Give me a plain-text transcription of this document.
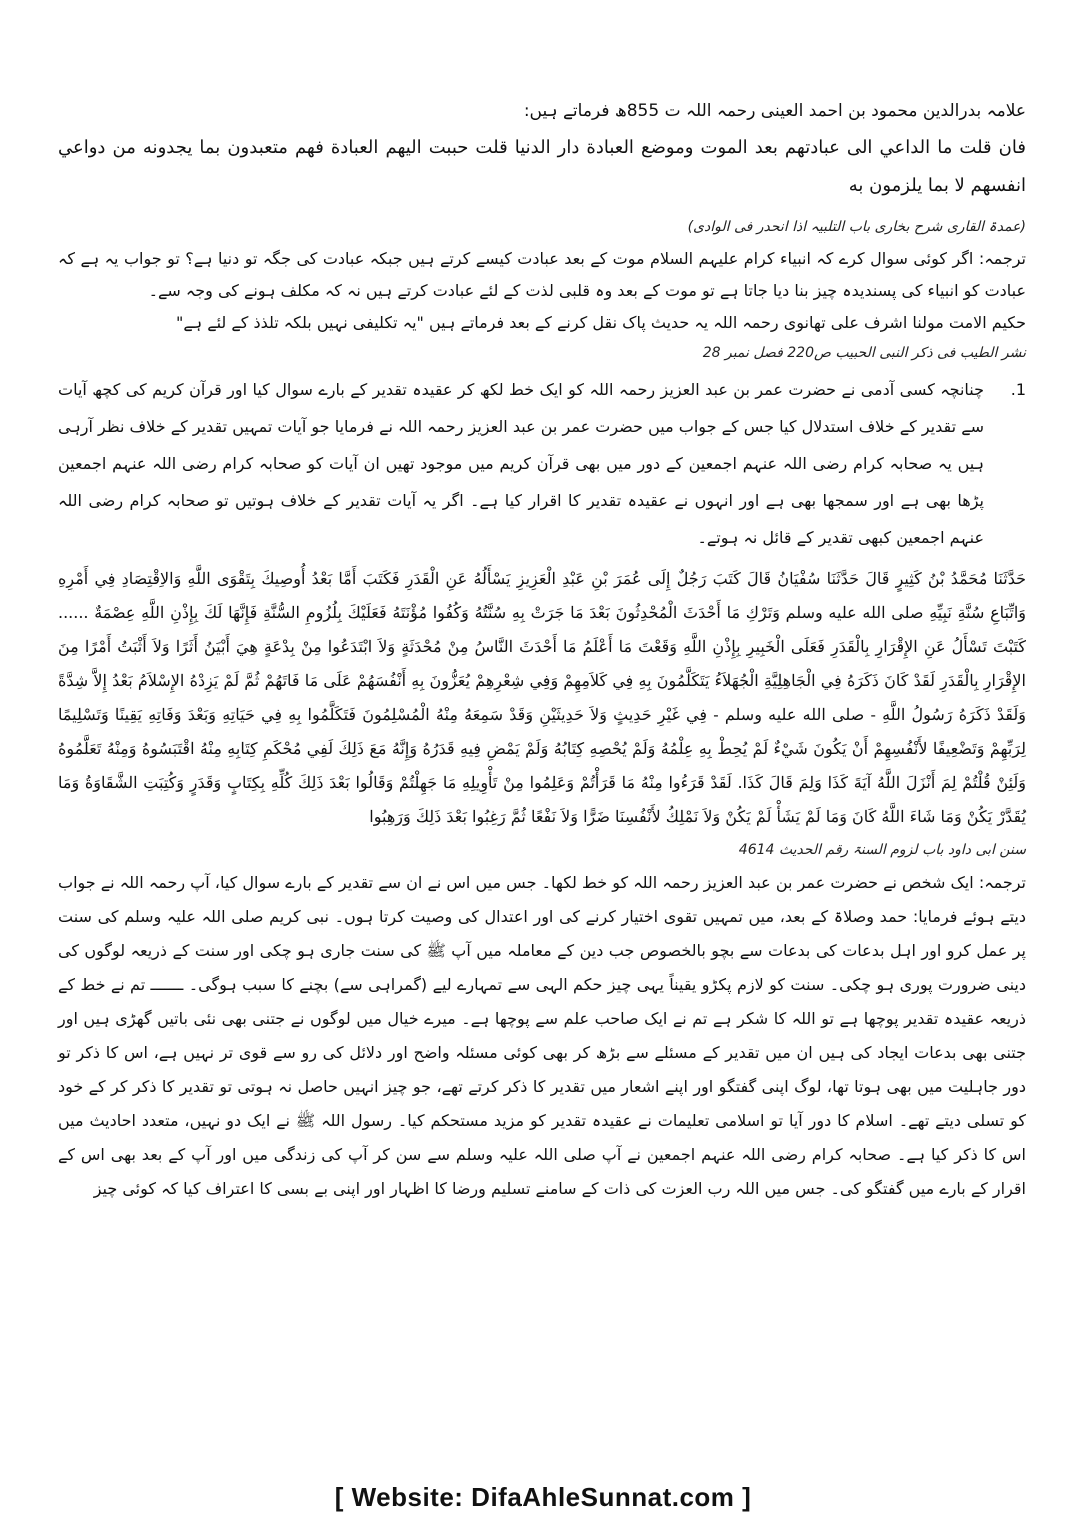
علامہ بدرالدین محمود بن احمد العینی رحمہ اللہ ت 855ھ فرماتے ہیں:
فان قلت ما الداعي الى عبادتهم بعد الموت وموضع العبادة دار الدنيا قلت حببت اليهم العبادة فهم متعبدون بما يجدونه من دواعي انفسهم لا بما يلزمون به
(عمدۃ القاری شرح بخاری باب التلبیہ اذا انحدر فی الوادی)
ترجمہ: اگر کوئی سوال کرے کہ انبیاء کرام علیہم السلام موت کے بعد عبادت کیسے کرتے ہیں جبکہ عبادت کی جگہ تو دنیا ہے؟ تو جواب یہ ہے کہ عبادت کو انبیاء کی پسندیدہ چیز بنا دیا جاتا ہے تو موت کے بعد وہ قلبی لذت کے لئے عبادت کرتے ہیں نہ کہ مکلف ہونے کی وجہ سے۔
حکیم الامت مولنا اشرف علی تھانوی رحمہ اللہ یہ حدیث پاک نقل کرنے کے بعد فرماتے ہیں "یہ تکلیفی نہیں بلکہ تلذذ کے لئے ہے"
نشر الطیب فی ذکر النبی الحبیب ص220 فصل نمبر 28
1.
چنانچہ کسی آدمی نے حضرت عمر بن عبد العزیز رحمہ اللہ کو ایک خط لکھ کر عقیدہ تقدیر کے بارے سوال کیا اور قرآن کریم کی کچھ آیات سے تقدیر کے خلاف استدلال کیا جس کے جواب میں حضرت عمر بن عبد العزیز رحمہ اللہ نے فرمایا جو آیات تمہیں تقدیر کے خلاف نظر آرہی ہیں یہ صحابہ کرام رضی اللہ عنہم اجمعین کے دور میں بھی قرآن کریم میں موجود تھیں ان آیات کو صحابہ کرام رضی اللہ عنہم اجمعین پڑھا بھی ہے اور سمجھا بھی ہے اور انہوں نے عقیدہ تقدیر کا اقرار کیا ہے۔ اگر یہ آیات تقدیر کے خلاف ہوتیں تو صحابہ کرام رضی اللہ عنہم اجمعین کبھی تقدیر کے قائل نہ ہوتے۔
حَدَّثَنَا مُحَمَّدُ بْنُ كَثِيرٍ قَالَ حَدَّثَنَا سُفْيَانُ قَالَ كَتَبَ رَجُلٌ إِلَى عُمَرَ بْنِ عَبْدِ الْعَزِيزِ يَسْأَلُهُ عَنِ الْقَدَرِ فَكَتَبَ أَمَّا بَعْدُ أُوصِيكَ بِتَقْوَى اللَّهِ وَالاِقْتِصَادِ فِي أَمْرِهِ وَاتِّبَاعِ سُنَّةِ نَبِيِّهِ صلى الله عليه وسلم وَتَرْكِ مَا أَحْدَثَ الْمُحْدِثُونَ بَعْدَ مَا جَرَتْ بِهِ سُنَّتُهُ وَكُفُوا مُؤْنَتَهُ فَعَلَيْكَ بِلُزُومِ السُّنَّةِ فَإِنَّهَا لَكَ بِإِذْنِ اللَّهِ عِصْمَةٌ ...... كَتَبْتَ تَسْأَلُ عَنِ الإِقْرَارِ بِالْقَدَرِ فَعَلَى الْخَبِيرِ بِإِذْنِ اللَّهِ وَقَعْتَ مَا أَعْلَمُ مَا أَحْدَثَ النَّاسُ مِنْ مُحْدَثَةٍ وَلاَ ابْتَدَعُوا مِنْ بِدْعَةٍ هِيَ أَبْيَنُ أَثَرًا وَلاَ أَثْبَتُ أَمْرًا مِنَ الإِقْرَارِ بِالْقَدَرِ لَقَدْ كَانَ ذَكَرَهُ فِي الْجَاهِلِيَّةِ الْجُهَلاَءُ يَتَكَلَّمُونَ بِهِ فِي كَلاَمِهِمْ وَفِي شِعْرِهِمْ يُعَزُّونَ بِهِ أَنْفُسَهُمْ عَلَى مَا فَاتَهُمْ ثُمَّ لَمْ يَزِدْهُ الإِسْلاَمُ بَعْدُ إِلاَّ شِدَّةً وَلَقَدْ ذَكَرَهُ رَسُولُ اللَّهِ - صلى الله عليه وسلم - فِي غَيْرِ حَدِيثٍ وَلاَ حَدِيثَيْنِ وَقَدْ سَمِعَهُ مِنْهُ الْمُسْلِمُونَ فَتَكَلَّمُوا بِهِ فِي حَيَاتِهِ وَبَعْدَ وَفَاتِهِ يَقِينًا وَتَسْلِيمًا لِرَبِّهِمْ وَتَضْعِيفًا لأَنْفُسِهِمْ أَنْ يَكُونَ شَيْءٌ لَمْ يُحِطْ بِهِ عِلْمُهُ وَلَمْ يُحْصِهِ كِتَابُهُ وَلَمْ يَمْضِ فِيهِ قَدَرُهُ وَإِنَّهُ مَعَ ذَلِكَ لَفِي مُحْكَمِ كِتَابِهِ مِنْهُ اقْتَبَسُوهُ وَمِنْهُ تَعَلَّمُوهُ وَلَئِنْ قُلْتُمْ لِمَ أَنْزَلَ اللَّهُ آيَةَ كَذَا وَلِمَ قَالَ كَذَا. لَقَدْ قَرَءُوا مِنْهُ مَا قَرَأْتُمْ وَعَلِمُوا مِنْ تَأْوِيلِهِ مَا جَهِلْتُمْ وَقَالُوا بَعْدَ ذَلِكَ كُلِّهِ بِكِتَابٍ وَقَدَرٍ وَكُتِبَتِ الشَّقَاوَةُ وَمَا يُقَدَّرْ يَكُنْ وَمَا شَاءَ اللَّهُ كَانَ وَمَا لَمْ يَشَأْ لَمْ يَكُنْ وَلاَ نَمْلِكُ لأَنْفُسِنَا ضَرًّا وَلاَ نَفْعًا ثُمَّ رَغِبُوا بَعْدَ ذَلِكَ وَرَهِبُوا
سنن ابی داود باب لزوم السنۃ رقم الحدیث 4614
ترجمہ: ایک شخص نے حضرت عمر بن عبد العزیز رحمہ اللہ کو خط لکھا۔ جس میں اس نے ان سے تقدیر کے بارے سوال کیا، آپ رحمہ اللہ نے جواب دیتے ہوئے فرمایا: حمد وصلاۃ کے بعد، میں تمہیں تقوی اختیار کرنے کی اور اعتدال کی وصیت کرتا ہوں۔ نبی کریم صلی اللہ علیہ وسلم کی سنت پر عمل کرو اور اہل بدعات کی بدعات سے بچو بالخصوص جب دین کے معاملہ میں آپ ﷺ کی سنت جاری ہو چکی اور سنت کے ذریعہ لوگوں کی دینی ضرورت پوری ہو چکی۔ سنت کو لازم پکڑو یقیناً یہی چیز حکم الہی سے تمہارے لیے (گمراہی سے) بچنے کا سبب ہوگی۔ ـــــــ تم نے خط کے ذریعہ عقیدہ تقدیر پوچھا ہے تو اللہ کا شکر ہے تم نے ایک صاحب علم سے پوچھا ہے۔ میرے خیال میں لوگوں نے جتنی بھی نئی باتیں گھڑی ہیں اور جتنی بھی بدعات ایجاد کی ہیں ان میں تقدیر کے مسئلے سے بڑھ کر بھی کوئی مسئلہ واضح اور دلائل کی رو سے قوی تر نہیں ہے، اس کا ذکر تو دور جاہلیت میں بھی ہوتا تھا، لوگ اپنی گفتگو اور اپنے اشعار میں تقدیر کا ذکر کرتے تھے، جو چیز انہیں حاصل نہ ہوتی تو تقدیر کا ذکر کر کے خود کو تسلی دیتے تھے۔ اسلام کا دور آیا تو اسلامی تعلیمات نے عقیدہ تقدیر کو مزید مستحکم کیا۔ رسول اللہ ﷺ نے ایک دو نہیں، متعدد احادیث میں اس کا ذکر کیا ہے۔ صحابہ کرام رضی اللہ عنہم اجمعین نے آپ صلی اللہ علیہ وسلم سے سن کر آپ کی زندگی میں اور آپ کے بعد بھی اس کے اقرار کے بارے میں گفتگو کی۔ جس میں اللہ رب العزت کی ذات کے سامنے تسلیم ورضا کا اظہار اور اپنی بے بسی کا اعتراف کیا کہ کوئی چیز
[ Website: DifaAhleSunnat.com ]
